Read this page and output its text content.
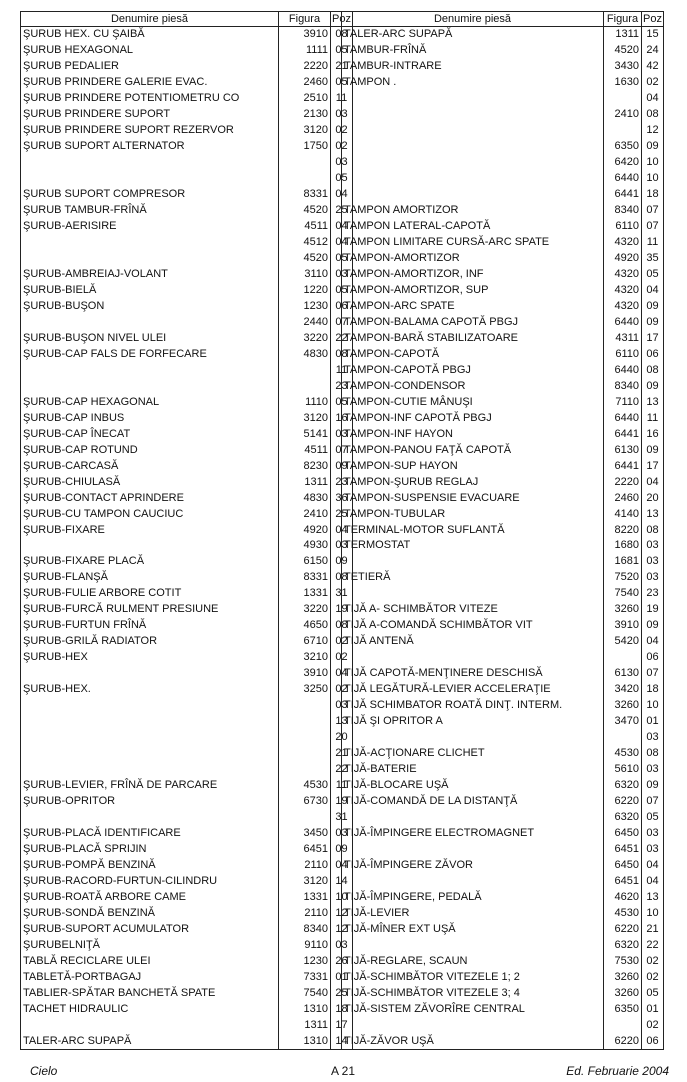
Denumire piesă	Figura	Poz
ŞURUB HEX. CU ŞAIBĂ	3910	08
ŞURUB HEXAGONAL	1111	05
ŞURUB PEDALIER	2220	21
ŞURUB PRINDERE GALERIE EVAC.	2460	05
ŞURUB PRINDERE POTENTIOMETRU CO	2510	11
ŞURUB PRINDERE SUPORT	2130	03
ŞURUB PRINDERE SUPORT REZERVOR	3120	02
ŞURUB SUPORT ALTERNATOR	1750	02
		03
		05
ŞURUB SUPORT COMPRESOR	8331	04
ŞURUB TAMBUR-FRÎNĂ	4520	25
ŞURUB-AERISIRE	4511	04
	4512	04
	4520	05
ŞURUB-AMBREIAJ-VOLANT	3110	03
ŞURUB-BIELĂ	1220	05
ŞURUB-BUŞON	1230	06
	2440	07
ŞURUB-BUŞON NIVEL ULEI	3220	22
ŞURUB-CAP FALS DE FORFECARE	4830	08
		11
		23
ŞURUB-CAP HEXAGONAL	1110	05
ŞURUB-CAP INBUS	3120	16
ŞURUB-CAP ÎNECAT	5141	03
ŞURUB-CAP ROTUND	4511	07
ŞURUB-CARCASĂ	8230	09
ŞURUB-CHIULASĂ	1311	23
ŞURUB-CONTACT APRINDERE	4830	36
ŞURUB-CU TAMPON CAUCIUC	2410	25
ŞURUB-FIXARE	4920	04
	4930	03
ŞURUB-FIXARE PLACĂ	6150	09
ŞURUB-FLANŞĂ	8331	08
ŞURUB-FULIE ARBORE COTIT	1331	31
ŞURUB-FURCĂ RULMENT PRESIUNE	3220	19
ŞURUB-FURTUN FRÎNĂ	4650	08
ŞURUB-GRILĂ RADIATOR	6710	02
ŞURUB-HEX	3210	02
	3910	04
ŞURUB-HEX.	3250	02
		03
		13
		20
		21
		22
ŞURUB-LEVIER, FRÎNĂ DE PARCARE	4530	11
ŞURUB-OPRITOR	6730	19
		31
ŞURUB-PLACĂ IDENTIFICARE	3450	03
ŞURUB-PLACĂ SPRIJIN	6451	09
ŞURUB-POMPĂ BENZINĂ	2110	04
ŞURUB-RACORD-FURTUN-CILINDRU	3120	14
ŞURUB-ROATĂ ARBORE CAME	1331	10
ŞURUB-SONDĂ BENZINĂ	2110	12
ŞURUB-SUPORT ACUMULATOR	8340	12
ŞURUBELNIŢĂ	9110	03
TABLĂ RECICLARE ULEI	1230	26
TABLETĂ-PORTBAGAJ	7331	01
TABLIER-SPĂTAR BANCHETĂ SPATE	7540	25
TACHET HIDRAULIC	1310	18
	1311	17
TALER-ARC SUPAPĂ	1310	14
Denumire piesă	Figura	Poz
TALER-ARC SUPAPĂ	1311	15
TAMBUR-FRÎNĂ	4520	24
TAMBUR-INTRARE	3430	42
TAMPON .	1630	02
		04
	2410	08
		12
	6350	09
	6420	10
	6440	10
	6441	18
TAMPON AMORTIZOR	8340	07
TAMPON LATERAL-CAPOTĂ	6110	07
TAMPON LIMITARE CURSĂ-ARC SPATE	4320	11
TAMPON-AMORTIZOR	4920	35
TAMPON-AMORTIZOR, INF	4320	05
TAMPON-AMORTIZOR, SUP	4320	04
TAMPON-ARC SPATE	4320	09
TAMPON-BALAMA CAPOTĂ PBGJ	6440	09
TAMPON-BARĂ STABILIZATOARE	4311	17
TAMPON-CAPOTĂ	6110	06
TAMPON-CAPOTĂ PBGJ	6440	08
TAMPON-CONDENSOR	8340	09
TAMPON-CUTIE MÂNUŞI	7110	13
TAMPON-INF CAPOTĂ PBGJ	6440	11
TAMPON-INF HAYON	6441	16
TAMPON-PANOU FAŢĂ CAPOTĂ	6130	09
TAMPON-SUP HAYON	6441	17
TAMPON-ŞURUB REGLAJ	2220	04
TAMPON-SUSPENSIE EVACUARE	2460	20
TAMPON-TUBULAR	4140	13
TERMINAL-MOTOR SUFLANTĂ	8220	08
TERMOSTAT	1680	03
	1681	03
TETIERĂ	7520	03
	7540	23
TIJĂ A- SCHIMBĂTOR VITEZE	3260	19
TIJĂ A-COMANDĂ SCHIMBĂTOR VIT	3910	09
TIJĂ ANTENĂ	5420	04
		06
TIJĂ CAPOTĂ-MENŢINERE DESCHISĂ	6130	07
TIJĂ LEGĂTURĂ-LEVIER ACCELERAŢIE	3420	18
TIJĂ SCHIMBATOR ROATĂ DINŢ. INTERM.	3260	10
TIJĂ ŞI OPRITOR A	3470	01
		03
TIJĂ-ACŢIONARE CLICHET	4530	08
TIJĂ-BATERIE	5610	03
TIJĂ-BLOCARE UŞĂ	6320	09
TIJĂ-COMANDĂ DE LA DISTANŢĂ	6220	07
	6320	05
TIJĂ-ÎMPINGERE ELECTROMAGNET	6450	03
	6451	03
TIJĂ-ÎMPINGERE ZĂVOR	6450	04
	6451	04
TIJĂ-ÎMPINGERE, PEDALĂ	4620	13
TIJĂ-LEVIER	4530	10
TIJĂ-MÎNER EXT UŞĂ	6220	21
	6320	22
TIJĂ-REGLARE, SCAUN	7530	02
TIJĂ-SCHIMBĂTOR VITEZELE 1; 2	3260	02
TIJĂ-SCHIMBĂTOR VITEZELE 3; 4	3260	05
TIJĂ-SISTEM ZĂVORÎRE CENTRAL	6350	01
		02
TIJĂ-ZĂVOR UŞĂ	6220	06
Cielo	A 21	Ed. Februarie 2004
